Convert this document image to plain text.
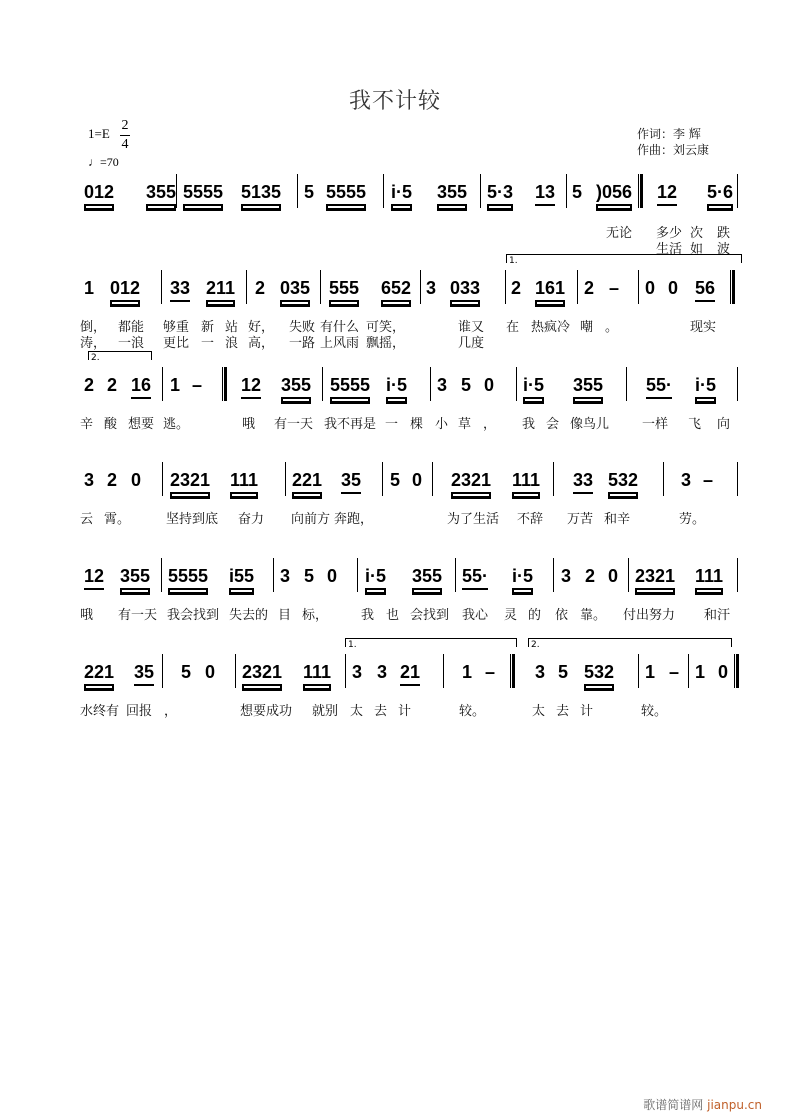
我不计较
1=E
2
4
♩=70
作词：李 辉
作曲：刘云康
012 355 5555 5135 5 5555 i·5 355 5·3 13 5 )056 12 5·6
无论 多少 次 跌
生活 如 波
1 012 33 211 2 035 555 652 3 033 2 161 2 – 0 0 56
倒， 都能 够重 新 站 好， 失败 有什么 可笑，	谁又 在 热疯冷 嘲 。	现实
涛， 一浪 更比 一 浪 高， 一路 上风雨 飘摇，	几度
2 2 16 1 – 12 355 5555 i·5 3 5 0 i·5 355 55· i·5
辛 酸 想要 逃。	哦 有一天 我不再是 一 棵 小 草 ， 我 会 像鸟儿	一样 飞 向
3 2 0 2321 111 221 35 5 0 2321 111 33 532 3 –
云 霄。	坚持到底 奋力 向前方 奔跑，	为了生活 不辞 万苦 和辛	劳。
12 355 5555 i55 3 5 0 i·5 355 55· i·5 3 2 0 2321 111
哦 有一天 我会找到 失去的 目 标，	我 也 会找到 我心 灵 的 依 靠。 付出努力 和汗
221 35 5 0 2321 111 3 3 21 1 – 3 5 532 1 – 1 0
水终有 回报 ，	想要成功 就别 太 去 计	较。	太 去 计	较。
1.
2.
1.	2.
歌谱简谱网 jianpu.cn
